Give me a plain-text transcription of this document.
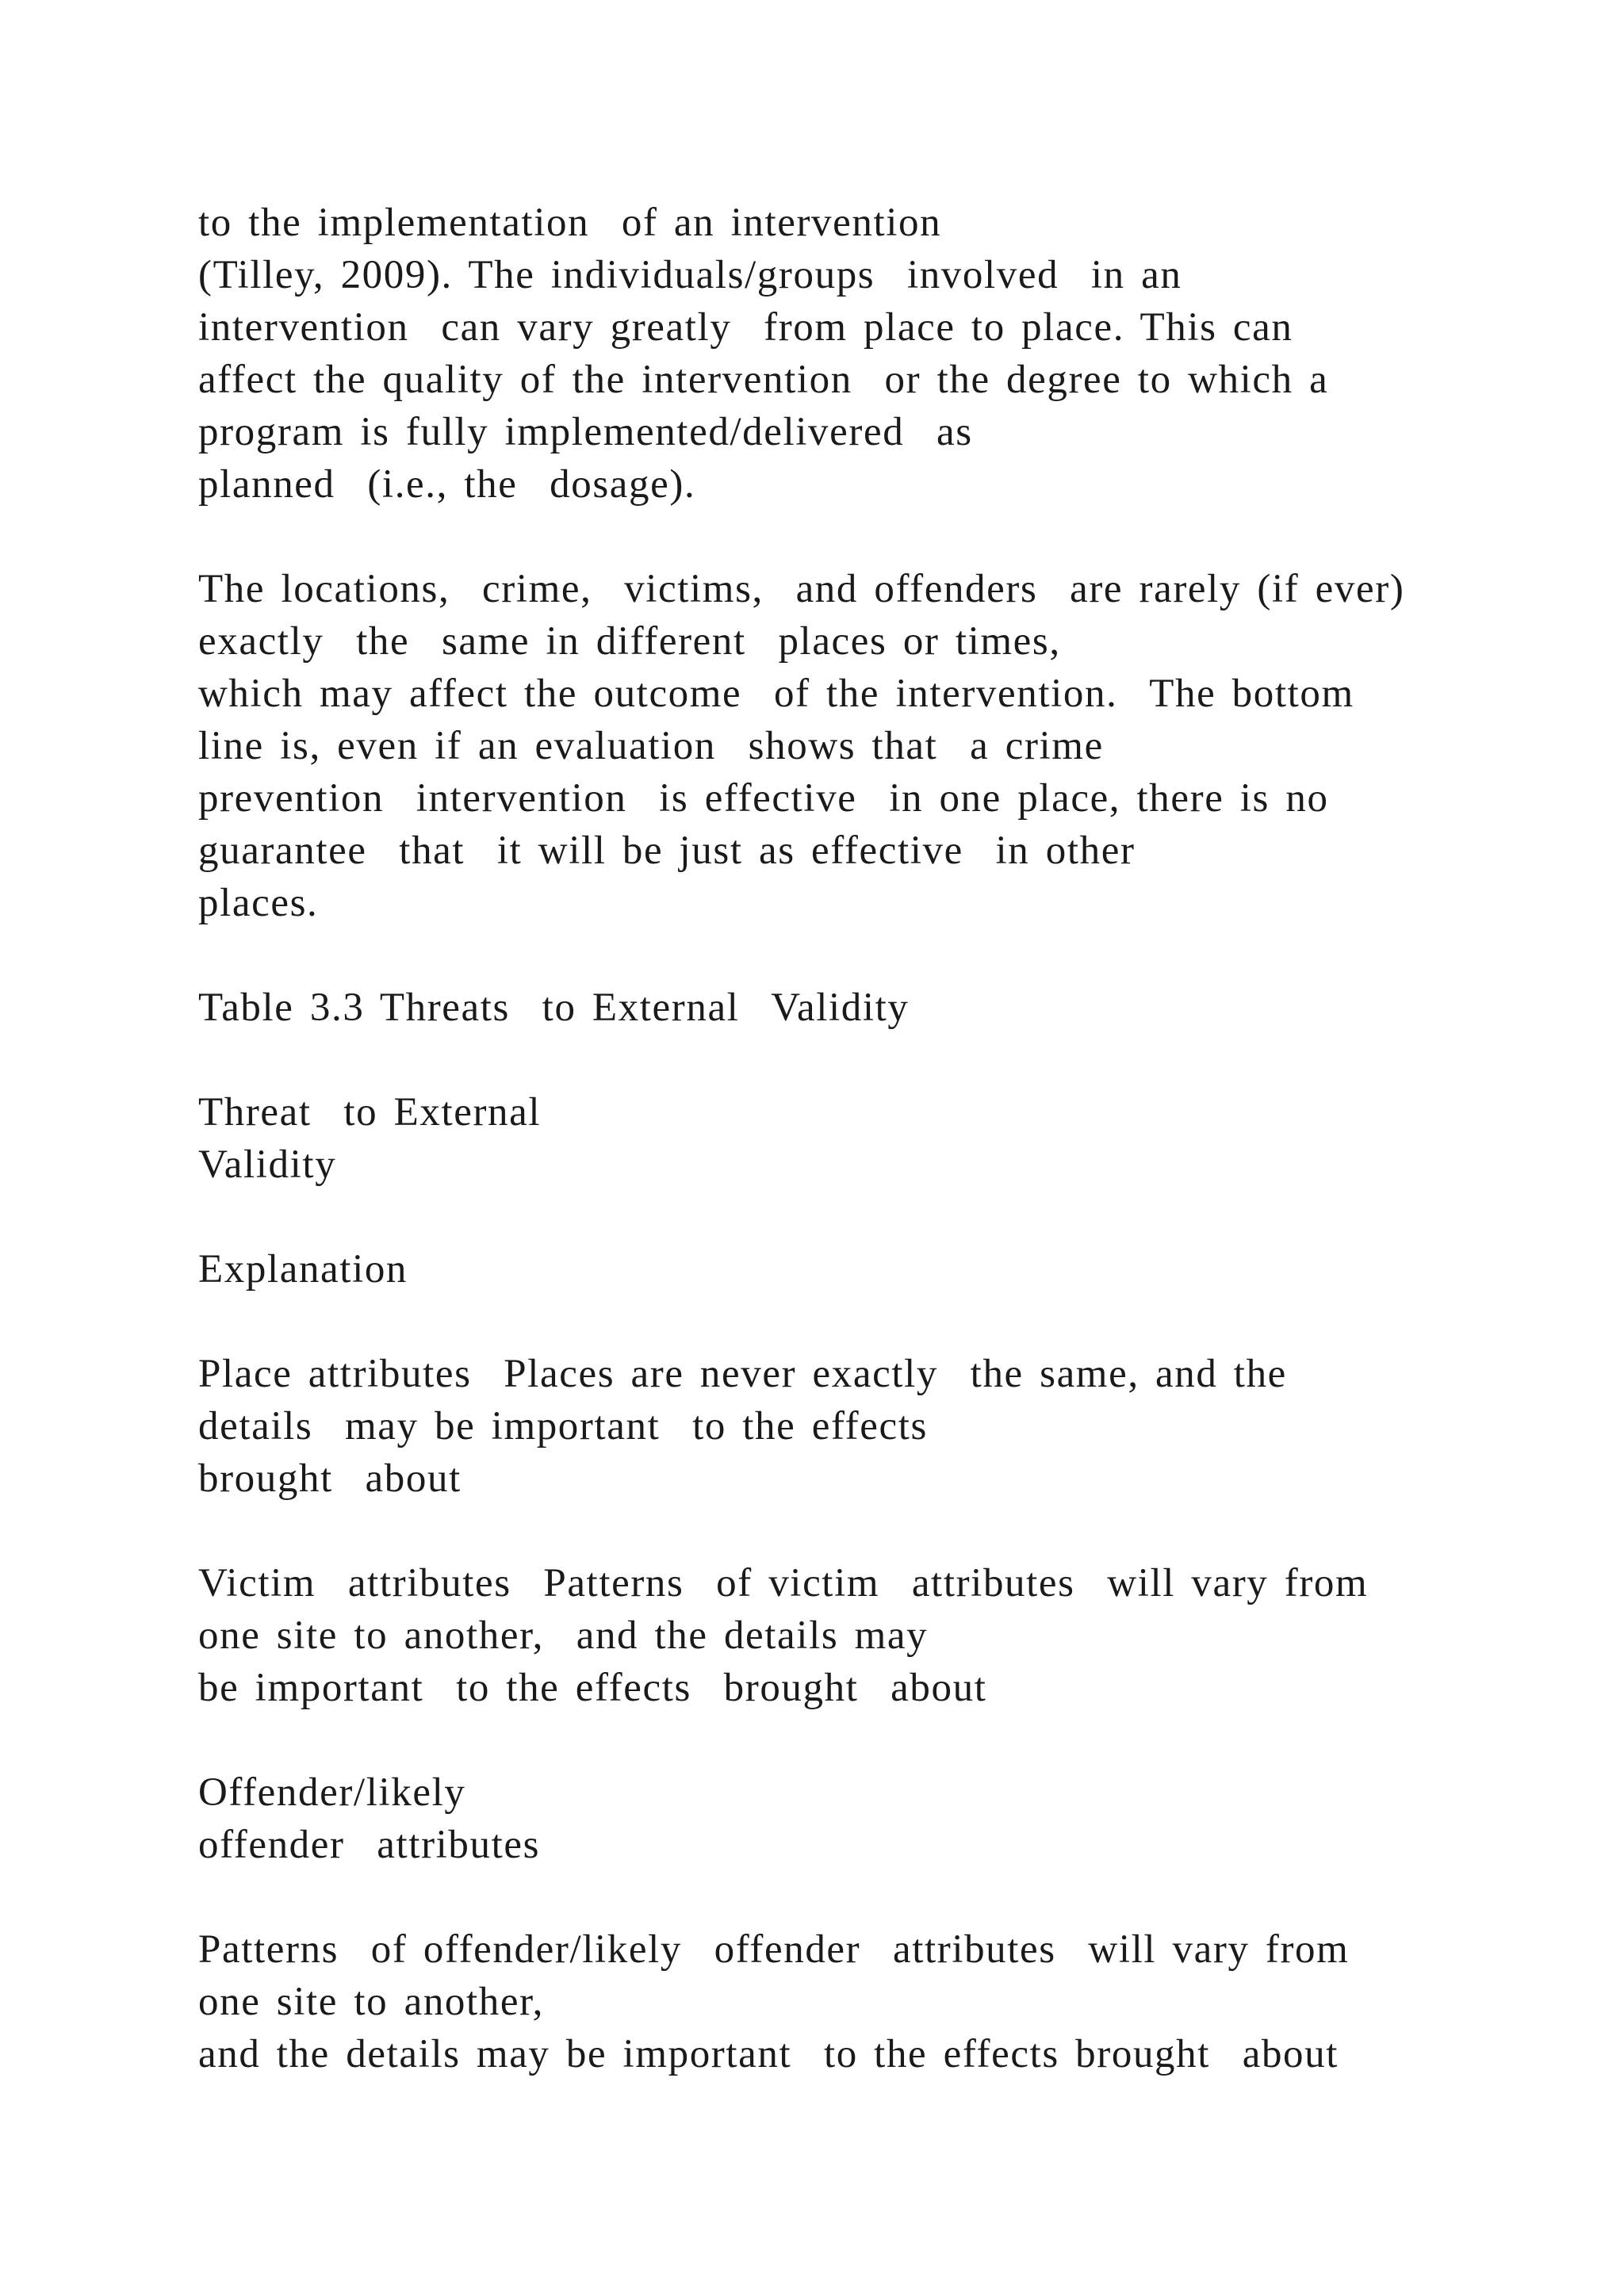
to the implementation  of an intervention
(Tilley, 2009). The individuals/groups  involved  in an
intervention  can vary greatly  from place to place. This can
affect the quality of the intervention  or the degree to which a
program is fully implemented/delivered  as
planned  (i.e., the  dosage).
The locations,  crime,  victims,  and offenders  are rarely (if ever)
exactly  the  same in different  places or times,
which may affect the outcome  of the intervention.  The bottom
line is, even if an evaluation  shows that  a crime
prevention  intervention  is effective  in one place, there is no
guarantee  that  it will be just as effective  in other
places.
Table 3.3 Threats  to External  Validity
Threat  to External
Validity
Explanation
Place attributes  Places are never exactly  the same, and the
details  may be important  to the effects
brought  about
Victim  attributes  Patterns  of victim  attributes  will vary from
one site to another,  and the details may
be important  to the effects  brought  about
Offender/likely
offender  attributes
Patterns  of offender/likely  offender  attributes  will vary from
one site to another,
and the details may be important  to the effects brought  about
